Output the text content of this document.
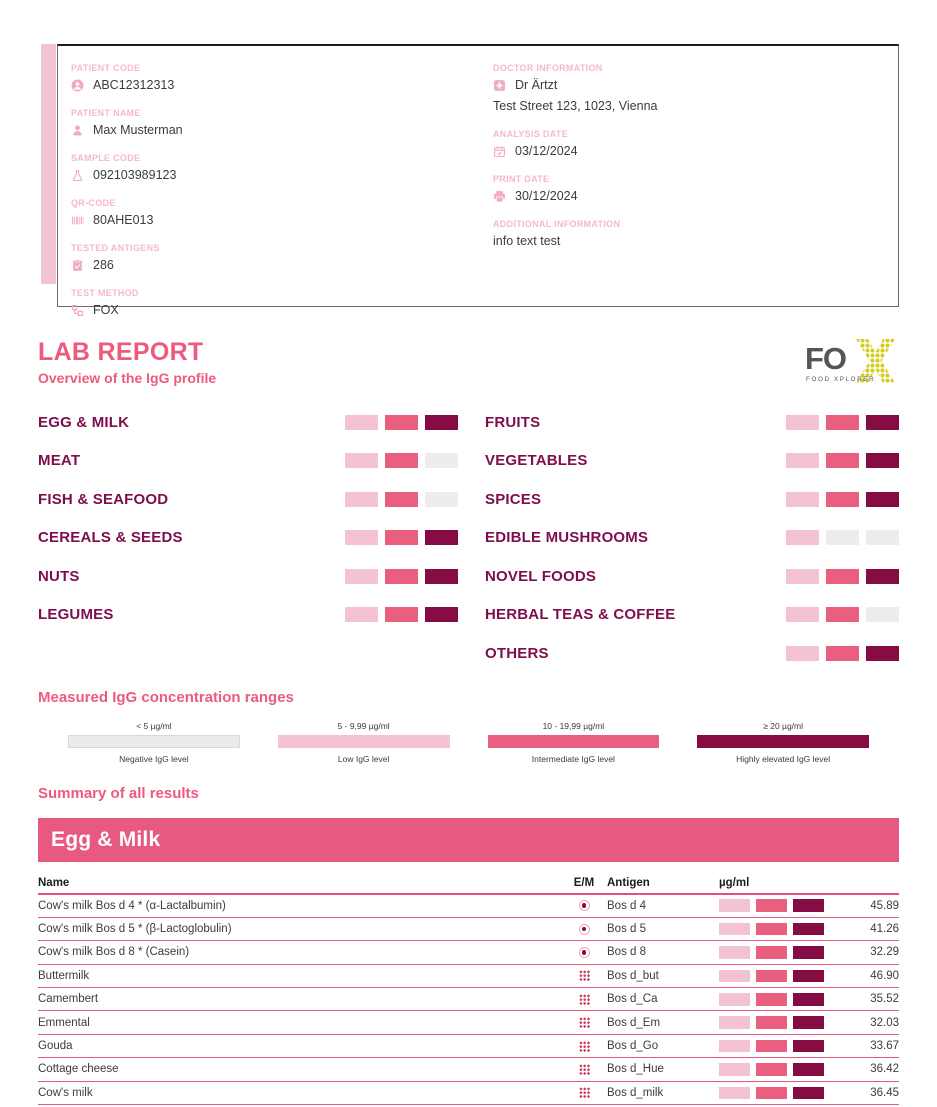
PATIENT CODE
ABC12312313
PATIENT NAME
Max Musterman
SAMPLE CODE
092103989123
QR-CODE
80AHE013
TESTED ANTIGENS
286
TEST METHOD
FOX
DOCTOR INFORMATION
Dr Ärtzt
Test Street 123, 1023, Vienna
ANALYSIS DATE
03/12/2024
PRINT DATE
30/12/2024
ADDITIONAL INFORMATION
info text test
LAB REPORT
Overview of the IgG profile
FO
FOOD XPLORER
EGG & MILK
MEAT
FISH & SEAFOOD
CEREALS & SEEDS
NUTS
LEGUMES
FRUITS
VEGETABLES
SPICES
EDIBLE MUSHROOMS
NOVEL FOODS
HERBAL TEAS & COFFEE
OTHERS
Measured IgG concentration ranges
< 5 µg/ml
Negative IgG level
5 - 9,99 µg/ml
Low IgG level
10 - 19,99 µg/ml
Intermediate IgG level
≥ 20 µg/ml
Highly elevated IgG level
Summary of all results
Egg & Milk
Name	E/M	Antigen	µg/ml
Cow's milk Bos d 4 * (α-Lactalbumin)	Bos d 4	45.89
Cow's milk Bos d 5 * (β-Lactoglobulin)	Bos d 5	41.26
Cow's milk Bos d 8 * (Casein)	Bos d 8	32.29
Buttermilk	Bos d_but	46.90
Camembert	Bos d_Ca	35.52
Emmental	Bos d_Em	32.03
Gouda	Bos d_Go	33.67
Cottage cheese	Bos d_Hue	36.42
Cow's milk	Bos d_milk	36.45
